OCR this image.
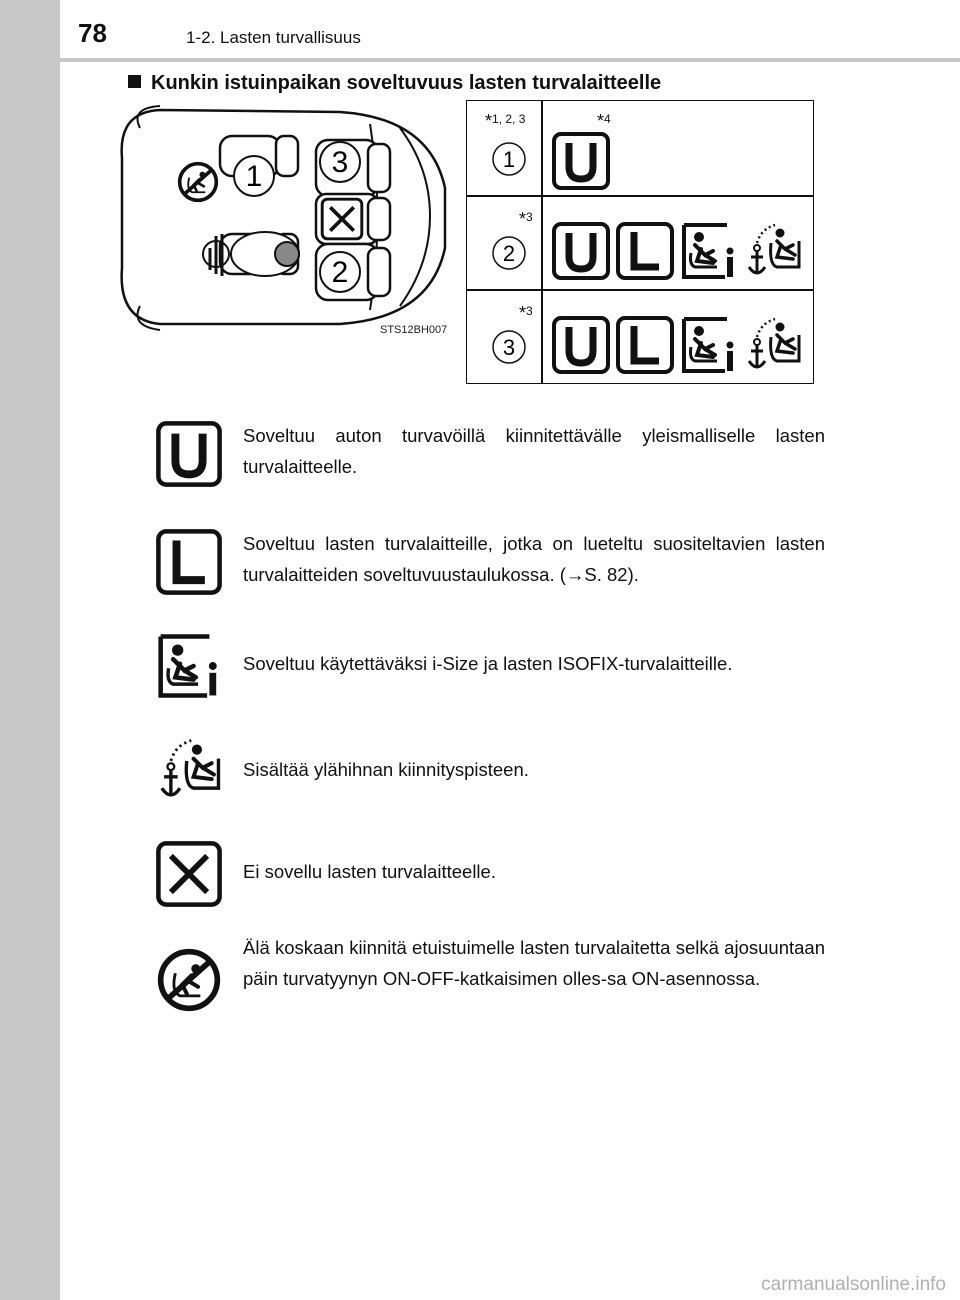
78	1-2. Lasten turvallisuus
Kunkin istuinpaikan soveltuvuus lasten turvalaitteelle
1 3
2
STS12BH007
*1, 2, 3
1
*4
*3
2
*3
3
Soveltuu auton turvavöillä kiinnitettävälle yleismalliselle lasten turvalaitteelle.
Soveltuu lasten turvalaitteille, jotka on lueteltu suositeltavien lasten turvalaitteiden soveltuvuustaulukossa. (→S. 82).
Soveltuu käytettäväksi i-Size ja lasten ISOFIX-turvalaitteille.
Sisältää ylähihnan kiinnityspisteen.
Ei sovellu lasten turvalaitteelle.
Älä koskaan kiinnitä etuistuimelle lasten turvalaitetta selkä ajosuuntaan päin turvatyynyn ON-OFF-katkaisimen olles-sa ON-asennossa.
carmanualsonline.info
